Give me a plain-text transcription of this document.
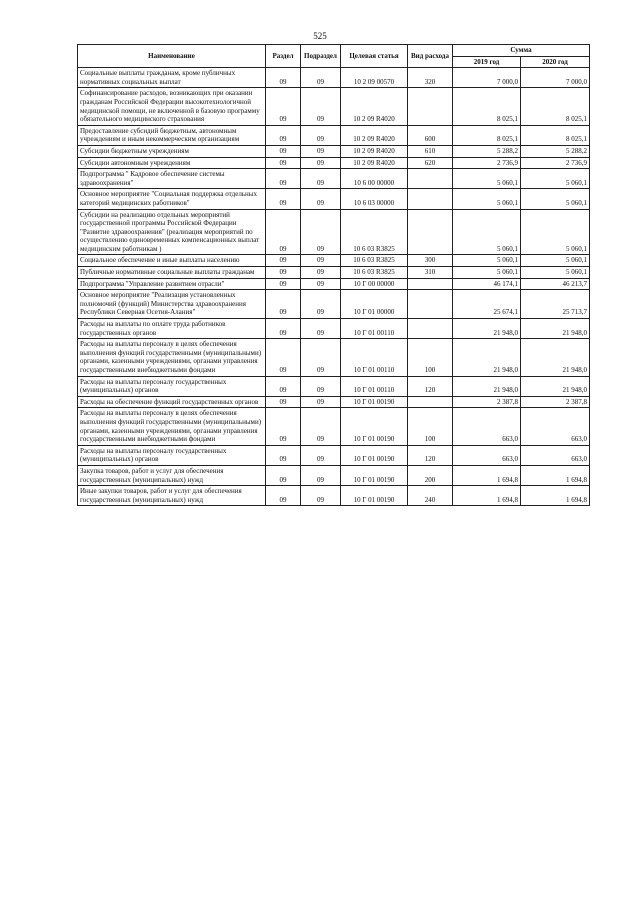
525
Наименование	Раздел	Подраздел	Целевая статья	Вид расхода	Сумма	
					2019 год	2020 год
Социальные выплаты гражданам, кроме публичных нормативных социальных выплат	09	09	10 2 09 00570	320	7 000,0	7 000,0
Софинансирование расходов, возникающих при оказании гражданам Российской Федерации высокотехнологичной медицинской помощи, не включенной в базовую программу обязательного медицинского страхования	09	09	10 2 09 R4020		8 025,1	8 025,1
Предоставление субсидий бюджетным, автономным учреждениям и иным некоммерческим организациям	09	09	10 2 09 R4020	600	8 025,1	8 025,1
Субсидии бюджетным учреждениям	09	09	10 2 09 R4020	610	5 288,2	5 288,2
Субсидии автономным учреждениям	09	09	10 2 09 R4020	620	2 736,9	2 736,9
Подпрограмма " Кадровое обеспечение системы здравоохранения"	09	09	10 6 00 00000		5 060,1	5 060,1
Основное мероприятие "Социальная поддержка отдельных категорий медицинских работников"	09	09	10 6 03 00000		5 060,1	5 060,1
Субсидии на реализацию отдельных мероприятий государственной программы Российской Федерации "Развитие здравоохранения" (реализация мероприятий по осуществлению единовременных компенсационных выплат медицинским работникам )	09	09	10 6 03 R3825		5 060,1	5 060,1
Социальное обеспечение и иные выплаты населению	09	09	10 6 03 R3825	300	5 060,1	5 060,1
Публичные нормативные социальные выплаты гражданам	09	09	10 6 03 R3825	310	5 060,1	5 060,1
Подпрограмма "Управление развитием отрасли"	09	09	10 Г 00 00000		46 174,1	46 213,7
Основное мероприятие "Реализация установленных полномочий (функций) Министерства здравоохранения Республики Северная Осетия-Алания"	09	09	10 Г 01 00000		25 674,1	25 713,7
Расходы на выплаты по оплате труда работников государственных органов	09	09	10 Г 01 00110		21 948,0	21 948,0
Расходы на выплаты персоналу в целях обеспечения выполнения функций государственными (муниципальными) органами, казенными учреждениями, органами управления государственными внебюджетными фондами	09	09	10 Г 01 00110	100	21 948,0	21 948,0
Расходы на выплаты персоналу государственных (муниципальных) органов	09	09	10 Г 01 00110	120	21 948,0	21 948,0
Расходы на обеспечение функций государственных органов	09	09	10 Г 01 00190		2 387,8	2 387,8
Расходы на выплаты персоналу в целях обеспечения выполнения функций государственными (муниципальными) органами, казенными учреждениями, органами управления государственными внебюджетными фондами	09	09	10 Г 01 00190	100	663,0	663,0
Расходы на выплаты персоналу государственных (муниципальных) органов	09	09	10 Г 01 00190	120	663,0	663,0
Закупка товаров, работ и услуг для обеспечения государственных (муниципальных) нужд	09	09	10 Г 01 00190	200	1 694,8	1 694,8
Иные закупки товаров, работ и услуг для обеспечения государственных (муниципальных) нужд	09	09	10 Г 01 00190	240	1 694,8	1 694,8
